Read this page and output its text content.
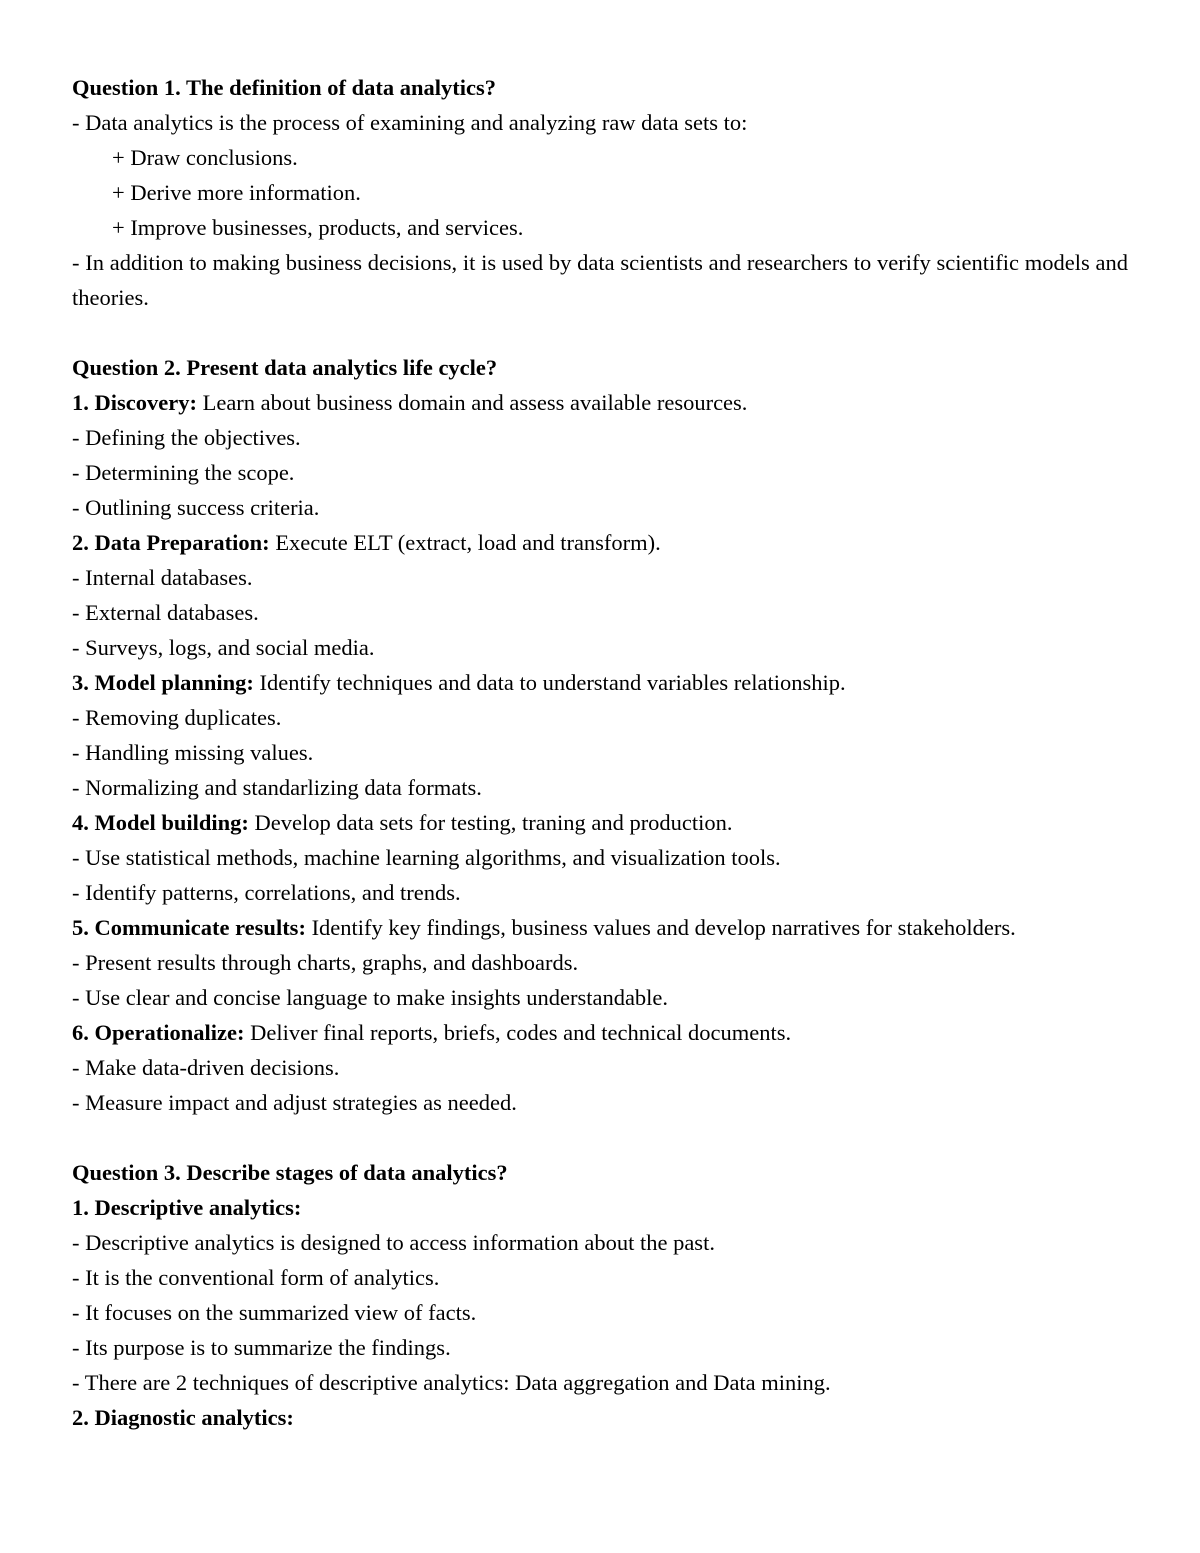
Question 1. The definition of data analytics?

- Data analytics is the process of examining and analyzing raw data sets to:

+ Draw conclusions.

+ Derive more information.

+ Improve businesses, products, and services.

- In addition to making business decisions, it is used by data scientists and researchers to verify scientific models and theories.

Question 2. Present data analytics life cycle?

1. Discovery: Learn about business domain and assess available resources.

- Defining the objectives.

- Determining the scope.

- Outlining success criteria.

2. Data Preparation: Execute ELT (extract, load and transform).

- Internal databases.

- External databases.

- Surveys, logs, and social media.

3. Model planning: Identify techniques and data to understand variables relationship.

- Removing duplicates.

- Handling missing values.

- Normalizing and standarlizing data formats.

4. Model building: Develop data sets for testing, traning and production.

- Use statistical methods, machine learning algorithms, and visualization tools.

- Identify patterns, correlations, and trends.

5. Communicate results: Identify key findings, business values and develop narratives for stakeholders.

- Present results through charts, graphs, and dashboards.

- Use clear and concise language to make insights understandable.

6. Operationalize: Deliver final reports, briefs, codes and technical documents.

- Make data-driven decisions.

- Measure impact and adjust strategies as needed.

Question 3. Describe stages of data analytics?

1. Descriptive analytics:

- Descriptive analytics is designed to access information about the past.

- It is the conventional form of analytics.

- It focuses on the summarized view of facts.

- Its purpose is to summarize the findings.

- There are 2 techniques of descriptive analytics: Data aggregation and Data mining.

2. Diagnostic analytics:
